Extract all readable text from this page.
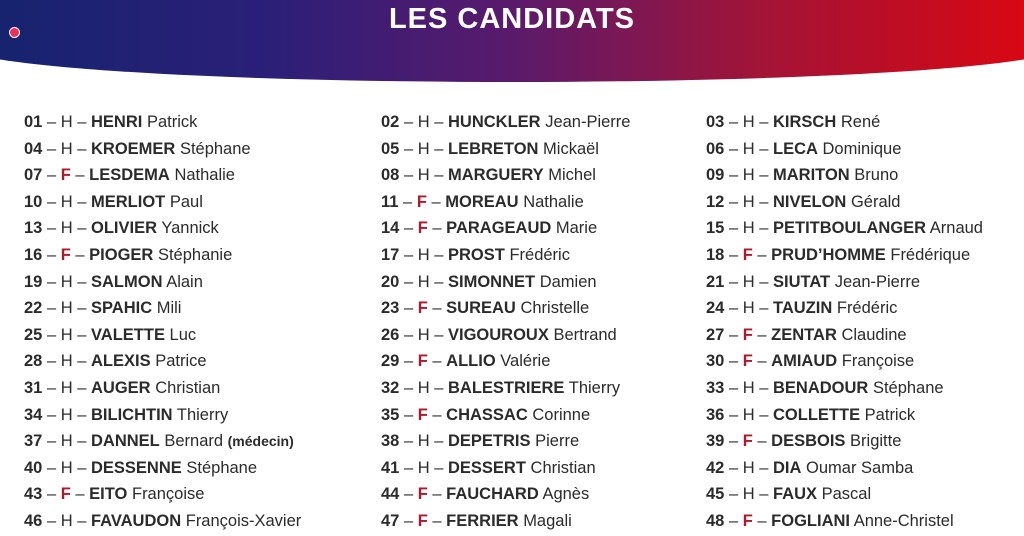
LES CANDIDATS
01 – H – HENRI Patrick
04 – H – KROEMER Stéphane
07 – F – LESDEMA Nathalie
10 – H – MERLIOT Paul
13 – H – OLIVIER Yannick
16 – F – PIOGER Stéphanie
19 – H – SALMON Alain
22 – H – SPAHIC Mili
25 – H – VALETTE Luc
28 – H – ALEXIS Patrice
31 – H – AUGER Christian
34 – H – BILICHTIN Thierry
37 – H – DANNEL Bernard (médecin)
40 – H – DESSENNE Stéphane
43 – F – EITO Françoise
46 – H – FAVAUDON François-Xavier
02 – H – HUNCKLER Jean-Pierre
05 – H – LEBRETON Mickaël
08 – H – MARGUERY Michel
11 – F – MOREAU Nathalie
14 – F – PARAGEAUD Marie
17 – H – PROST Frédéric
20 – H – SIMONNET Damien
23 – F – SUREAU Christelle
26 – H – VIGOUROUX Bertrand
29 – F – ALLIO Valérie
32 – H – BALESTRIERE Thierry
35 – F – CHASSAC Corinne
38 – H – DEPETRIS Pierre
41 – H – DESSERT Christian
44 – F – FAUCHARD Agnès
47 – F – FERRIER Magali
03 – H – KIRSCH René
06 – H – LECA Dominique
09 – H – MARITON Bruno
12 – H – NIVELON Gérald
15 – H – PETITBOULANGER Arnaud
18 – F – PRUD’HOMME Frédérique
21 – H – SIUTAT Jean-Pierre
24 – H – TAUZIN Frédéric
27 – F – ZENTAR Claudine
30 – F – AMIAUD Françoise
33 – H – BENADOUR Stéphane
36 – H – COLLETTE Patrick
39 – F – DESBOIS Brigitte
42 – H – DIA Oumar Samba
45 – H – FAUX Pascal
48 – F – FOGLIANI Anne-Christel
